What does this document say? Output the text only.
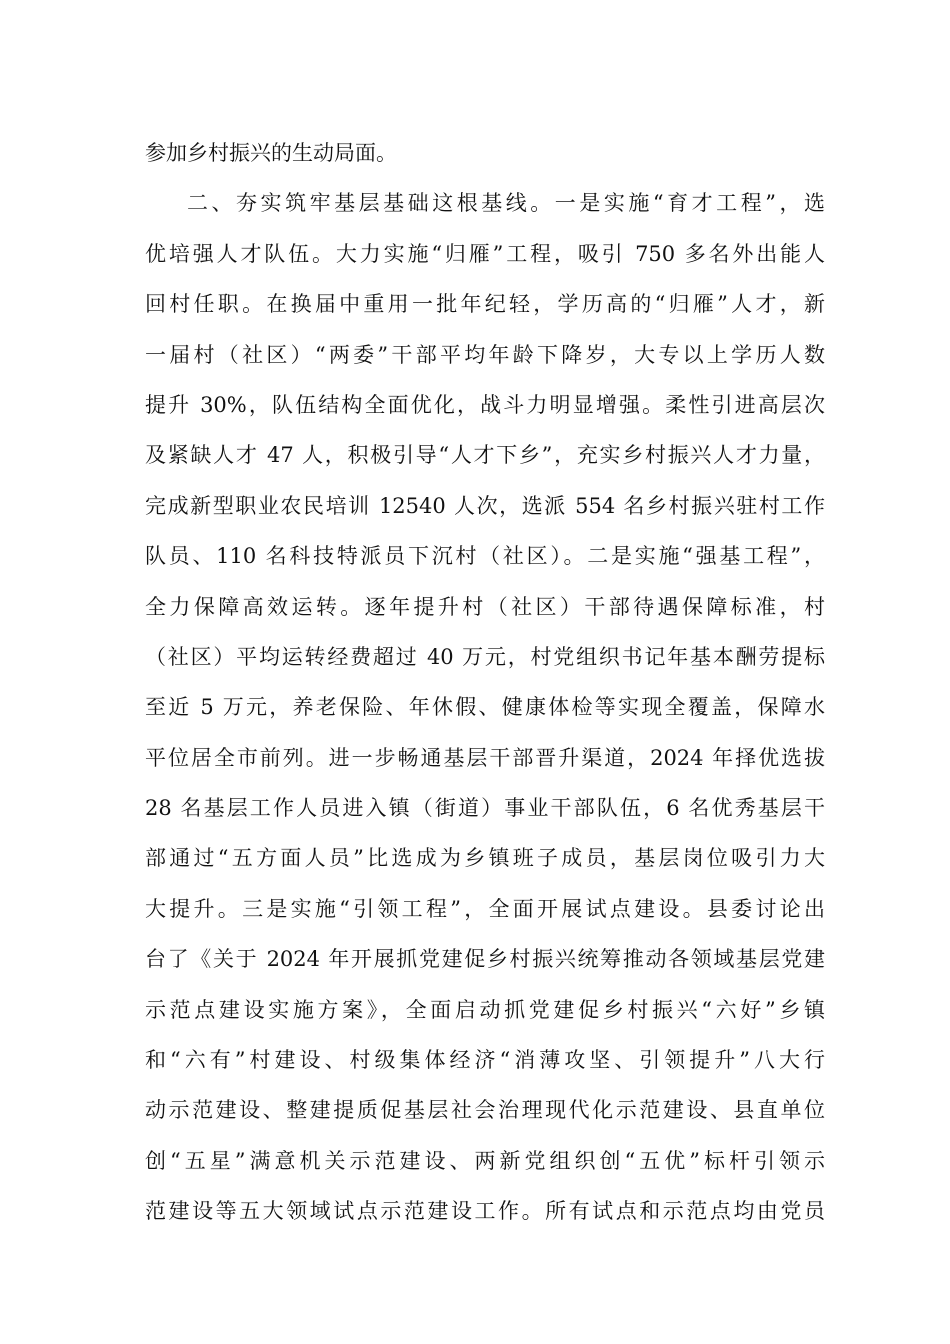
参加乡村振兴的生动局面。
二、夯实筑牢基层基础这根基线。一是实施“育才工程”，选
优培强人才队伍。大力实施“归雁”工程，吸引 750 多名外出能人
回村任职。在换届中重用一批年纪轻，学历高的“归雁”人才，新
一届村（社区）“两委”干部平均年龄下降岁，大专以上学历人数
提升 30%，队伍结构全面优化，战斗力明显增强。柔性引进高层次
及紧缺人才 47 人，积极引导“人才下乡”，充实乡村振兴人才力量，
完成新型职业农民培训 12540 人次，选派 554 名乡村振兴驻村工作
队员、110 名科技特派员下沉村（社区）。二是实施“强基工程”，
全力保障高效运转。逐年提升村（社区）干部待遇保障标准，村
（社区）平均运转经费超过 40 万元，村党组织书记年基本酬劳提标
至近 5 万元，养老保险、年休假、健康体检等实现全覆盖，保障水
平位居全市前列。进一步畅通基层干部晋升渠道，2024 年择优选拔
28 名基层工作人员进入镇（街道）事业干部队伍，6 名优秀基层干
部通过“五方面人员”比选成为乡镇班子成员，基层岗位吸引力大
大提升。三是实施“引领工程”，全面开展试点建设。县委讨论出
台了《关于 2024 年开展抓党建促乡村振兴统筹推动各领域基层党建
示范点建设实施方案》，全面启动抓党建促乡村振兴“六好”乡镇
和“六有”村建设、村级集体经济“消薄攻坚、引领提升”八大行
动示范建设、整建提质促基层社会治理现代化示范建设、县直单位
创“五星”满意机关示范建设、两新党组织创“五优”标杆引领示
范建设等五大领域试点示范建设工作。所有试点和示范点均由党员
